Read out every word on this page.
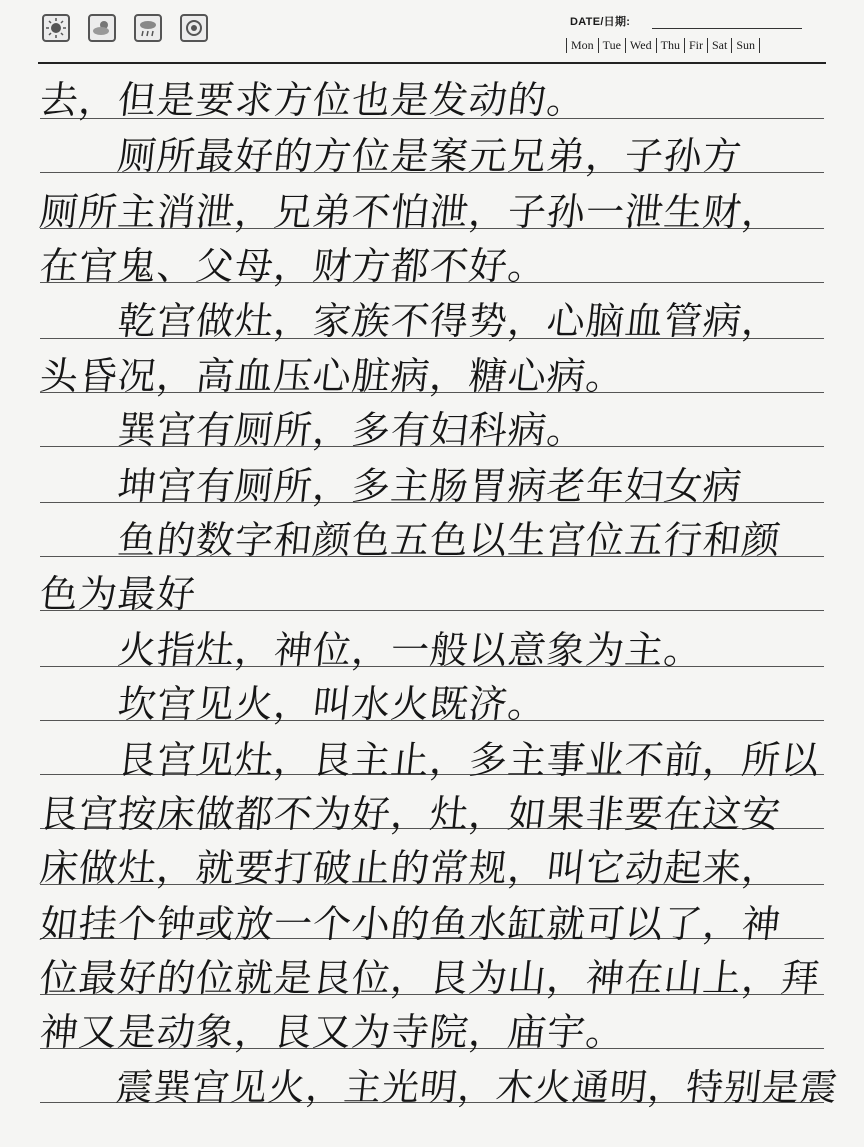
DATE/日期:
Mon Tue Wed Thu Fir Sat Sun
去，但是要求方位也是发动的。
　　厕所最好的方位是案元兄弟，子孙方
厕所主消泄，兄弟不怕泄，子孙一泄生财，
在官鬼、父母，财方都不好。
　　乾宫做灶，家族不得势，心脑血管病，
头昏况，高血压心脏病，糖心病。
　　巽宫有厕所，多有妇科病。
　　坤宫有厕所，多主肠胃病老年妇女病
　　鱼的数字和颜色五色以生宫位五行和颜
色为最好
　　火指灶，神位，一般以意象为主。
　　坎宫见火，叫水火既济。
　　艮宫见灶，艮主止，多主事业不前，所以
艮宫按床做都不为好，灶，如果非要在这安
床做灶，就要打破止的常规，叫它动起来，
如挂个钟或放一个小的鱼水缸就可以了，神
位最好的位就是艮位，艮为山，神在山上，拜
神又是动象，艮又为寺院，庙宇。
　　震巽宫见火，主光明，木火通明，特别是震
